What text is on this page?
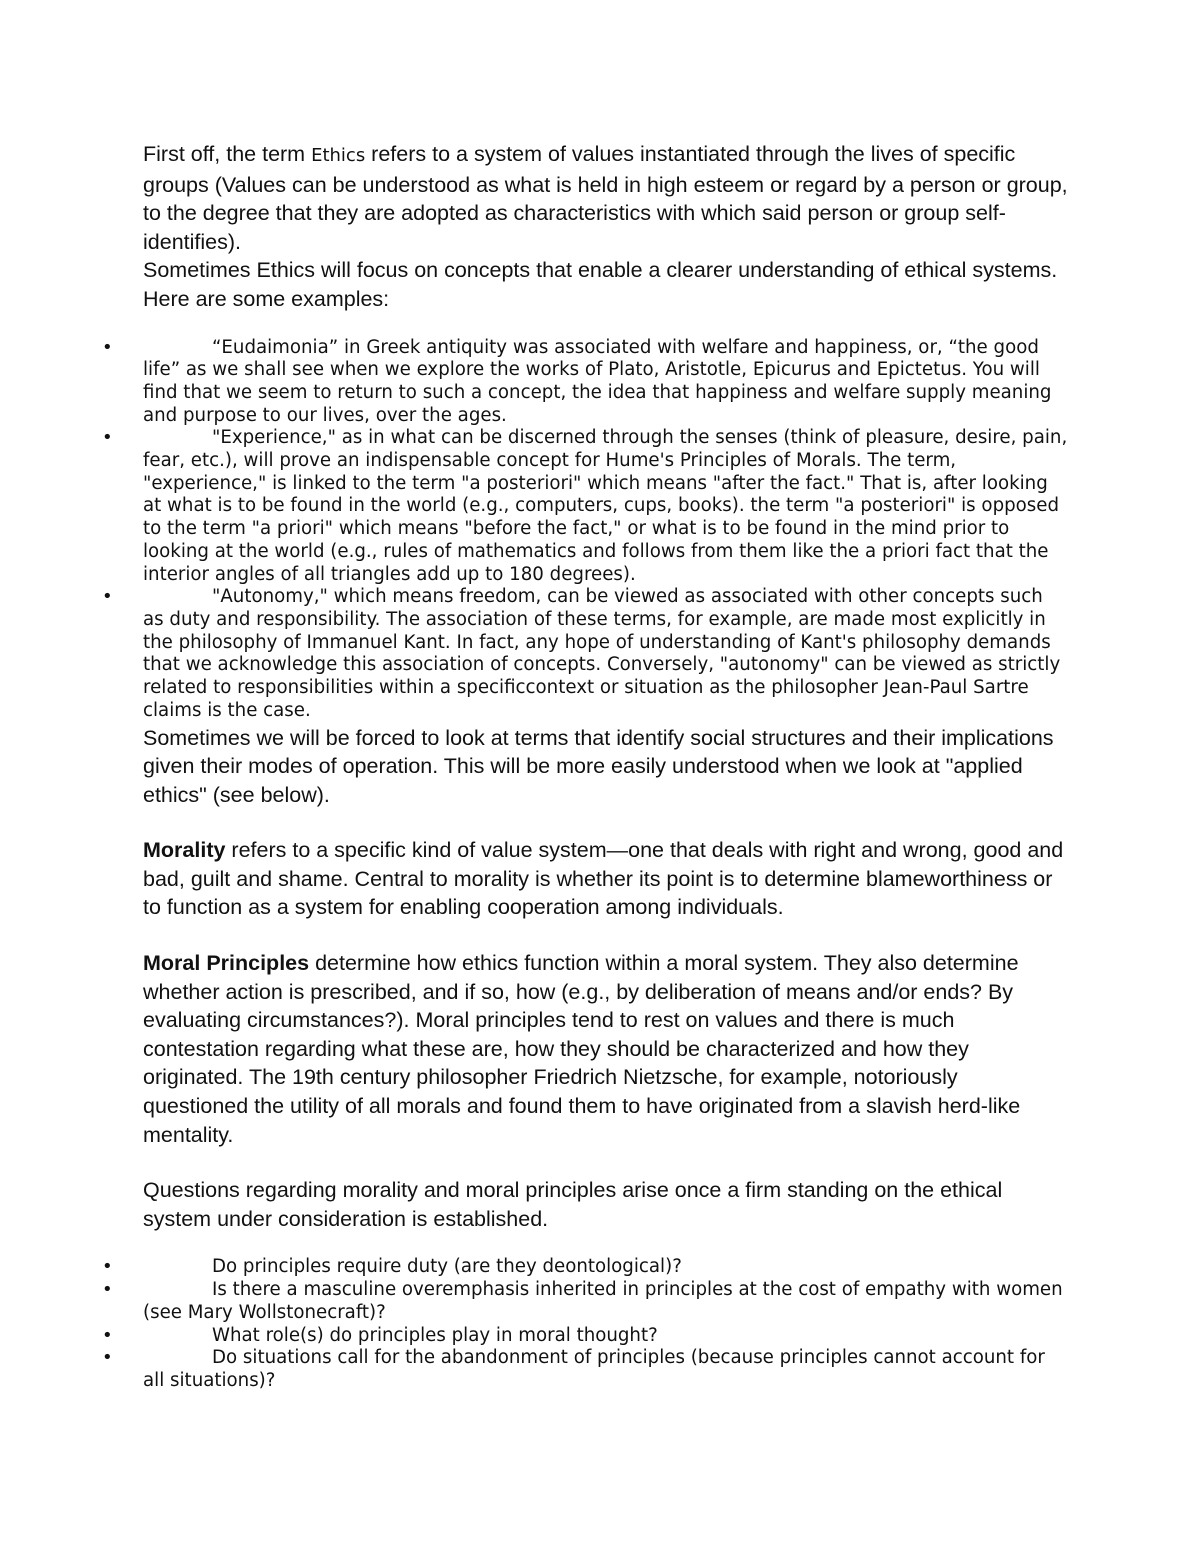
First off, the term Ethics refers to a system of values instantiated through the lives of specific groups (Values can be understood as what is held in high esteem or regard by a person or group, to the degree that they are adopted as characteristics with which said person or group self-identifies).

Sometimes Ethics will focus on concepts that enable a clearer understanding of ethical systems. Here are some examples:

•	“Eudaimonia” in Greek antiquity was associated with welfare and happiness, or, “the good life” as we shall see when we explore the works of Plato, Aristotle, Epicurus and Epictetus. You will find that we seem to return to such a concept, the idea that happiness and welfare supply meaning and purpose to our lives, over the ages.
•	"Experience," as in what can be discerned through the senses (think of pleasure, desire, pain, fear, etc.), will prove an indispensable concept for Hume's Principles of Morals. The term, "experience," is linked to the term "a posteriori" which means "after the fact." That is, after looking at what is to be found in the world (e.g., computers, cups, books). the term "a posteriori" is opposed to the term "a priori" which means "before the fact," or what is to be found in the mind prior to looking at the world (e.g., rules of mathematics and follows from them like the a priori fact that the interior angles of all triangles add up to 180 degrees).
•	"Autonomy," which means freedom, can be viewed as associated with other concepts such as duty and responsibility. The association of these terms, for example, are made most explicitly in the philosophy of Immanuel Kant. In fact, any hope of understanding of Kant's philosophy demands that we acknowledge this association of concepts. Conversely, "autonomy" can be viewed as strictly related to responsibilities within a specificcontext or situation as the philosopher Jean-Paul Sartre claims is the case.

Sometimes we will be forced to look at terms that identify social structures and their implications given their modes of operation. This will be more easily understood when we look at "applied ethics" (see below).

Morality refers to a specific kind of value system—one that deals with right and wrong, good and bad, guilt and shame. Central to morality is whether its point is to determine blameworthiness or to function as a system for enabling cooperation among individuals.

Moral Principles determine how ethics function within a moral system. They also determine whether action is prescribed, and if so, how (e.g., by deliberation of means and/or ends? By evaluating circumstances?). Moral principles tend to rest on values and there is much contestation regarding what these are, how they should be characterized and how they originated. The 19th century philosopher Friedrich Nietzsche, for example, notoriously questioned the utility of all morals and found them to have originated from a slavish herd-like mentality.

Questions regarding morality and moral principles arise once a firm standing on the ethical system under consideration is established.

•	Do principles require duty (are they deontological)?
•	Is there a masculine overemphasis inherited in principles at the cost of empathy with women (see Mary Wollstonecraft)?
•	What role(s) do principles play in moral thought?
•	Do situations call for the abandonment of principles (because principles cannot account for all situations)?
